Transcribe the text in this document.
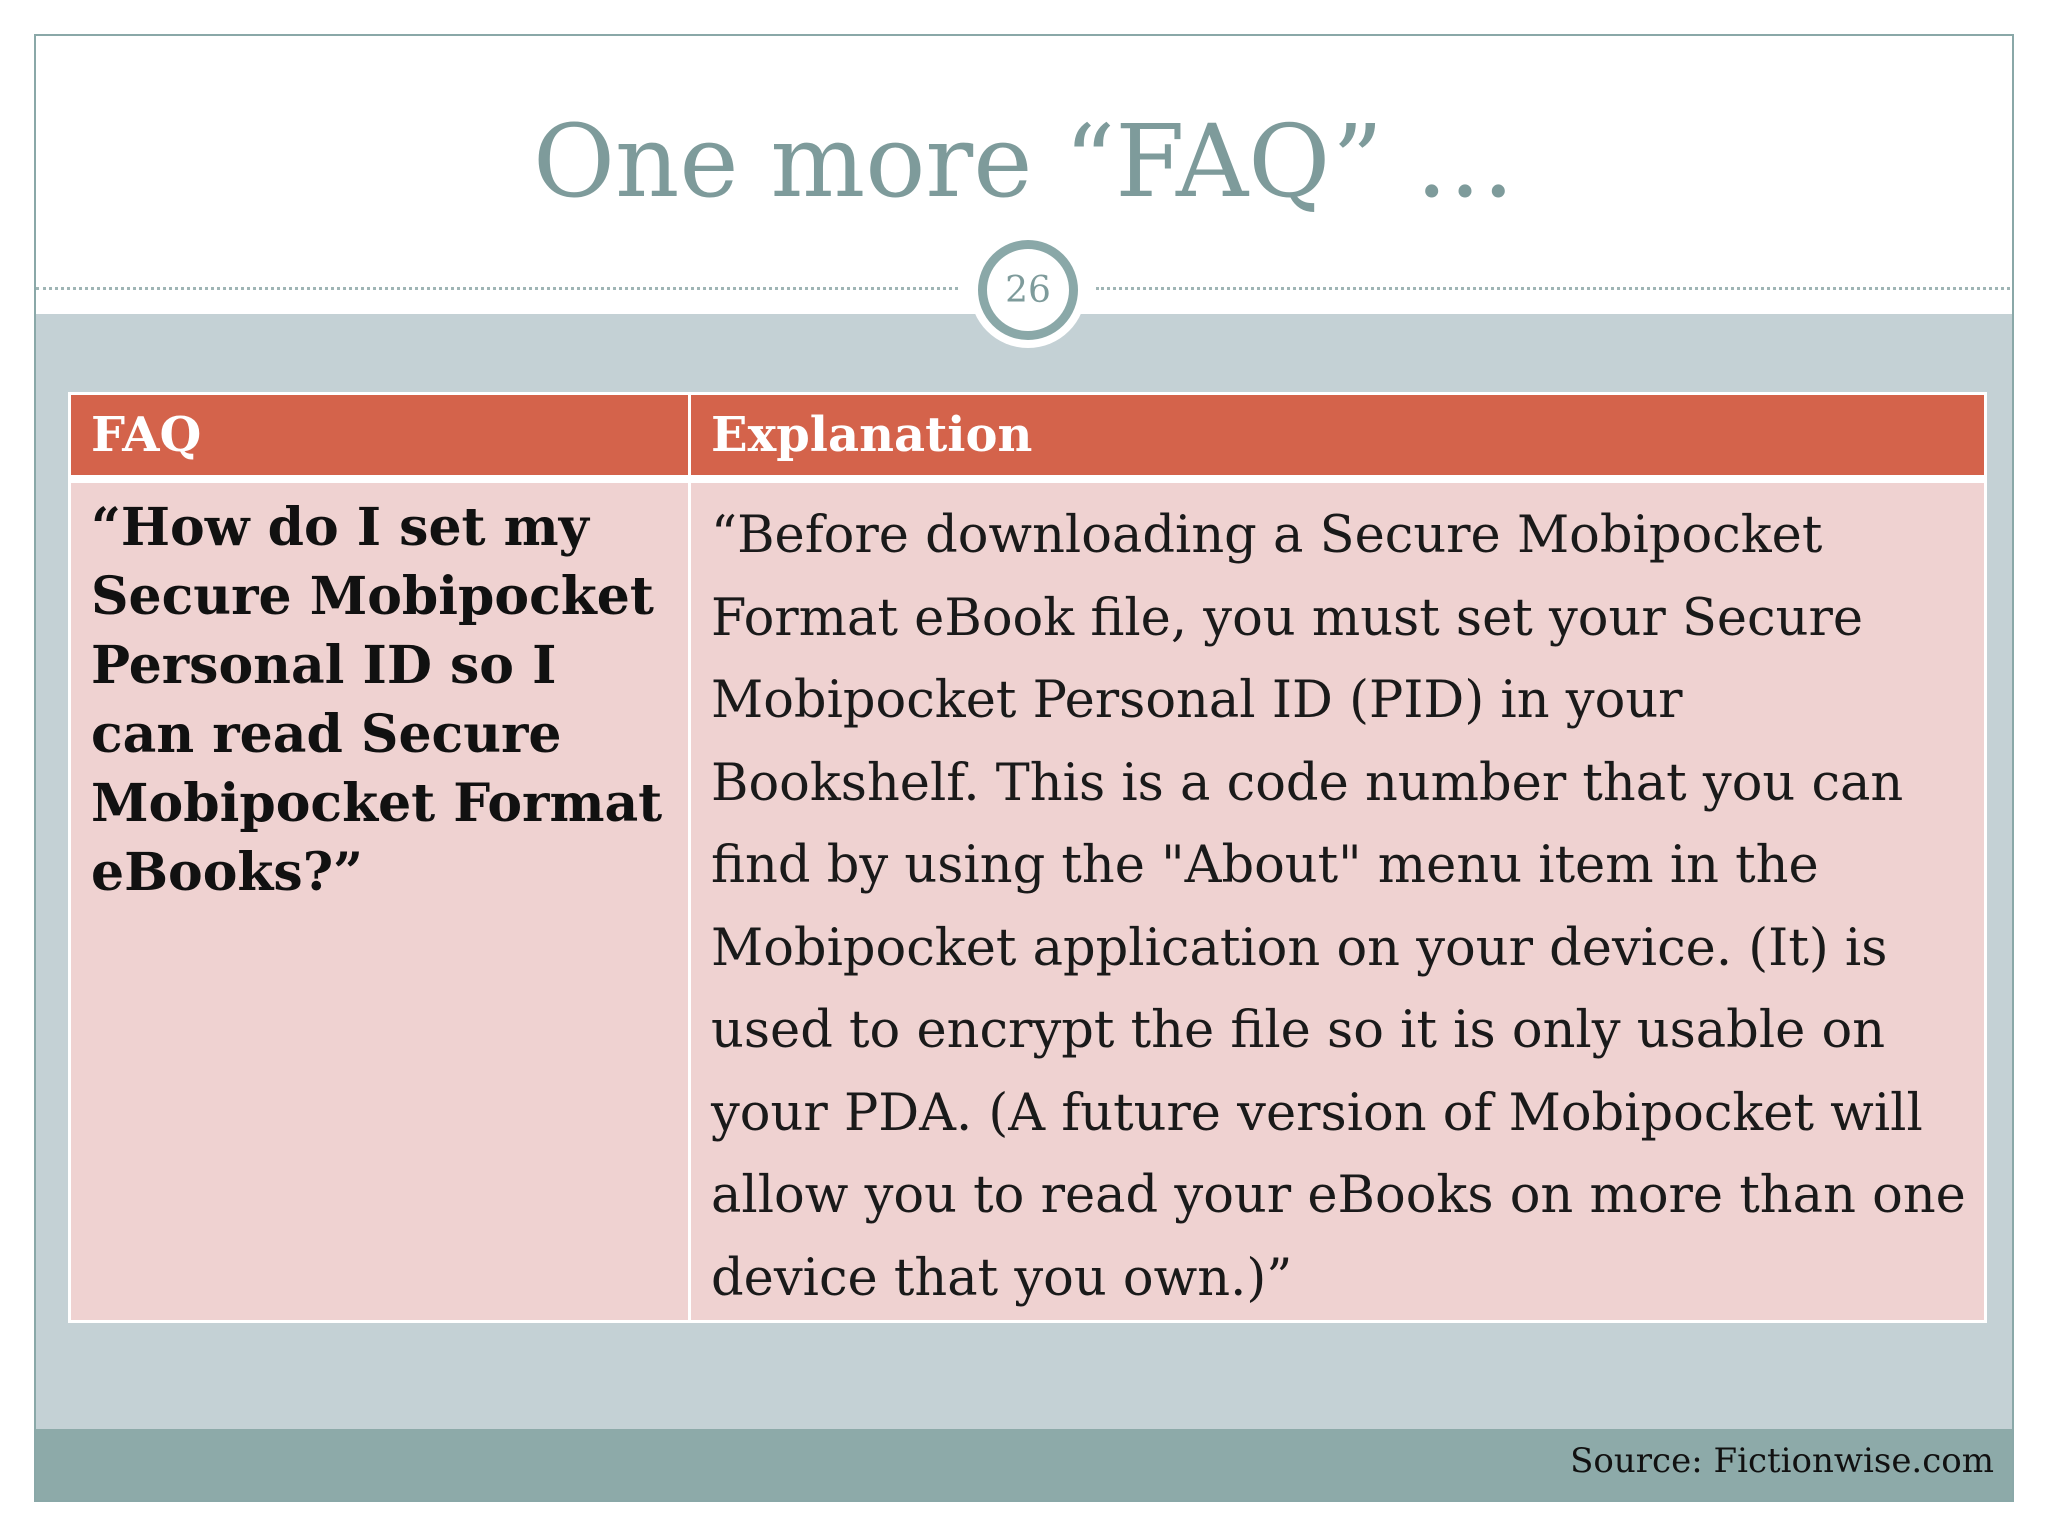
One more “FAQ” …
26
FAQ	Explanation
“How do I set my Secure Mobipocket Personal ID so I can read Secure Mobipocket Format eBooks?”	“Before downloading a Secure Mobipocket Format eBook file, you must set your Secure Mobipocket Personal ID (PID) in your Bookshelf. This is a code number that you can find by using the "About" menu item in the Mobipocket application on your device. (It) is used to encrypt the file so it is only usable on your PDA. (A future version of Mobipocket will allow you to read your eBooks on more than one device that you own.)”
Source: Fictionwise.com
